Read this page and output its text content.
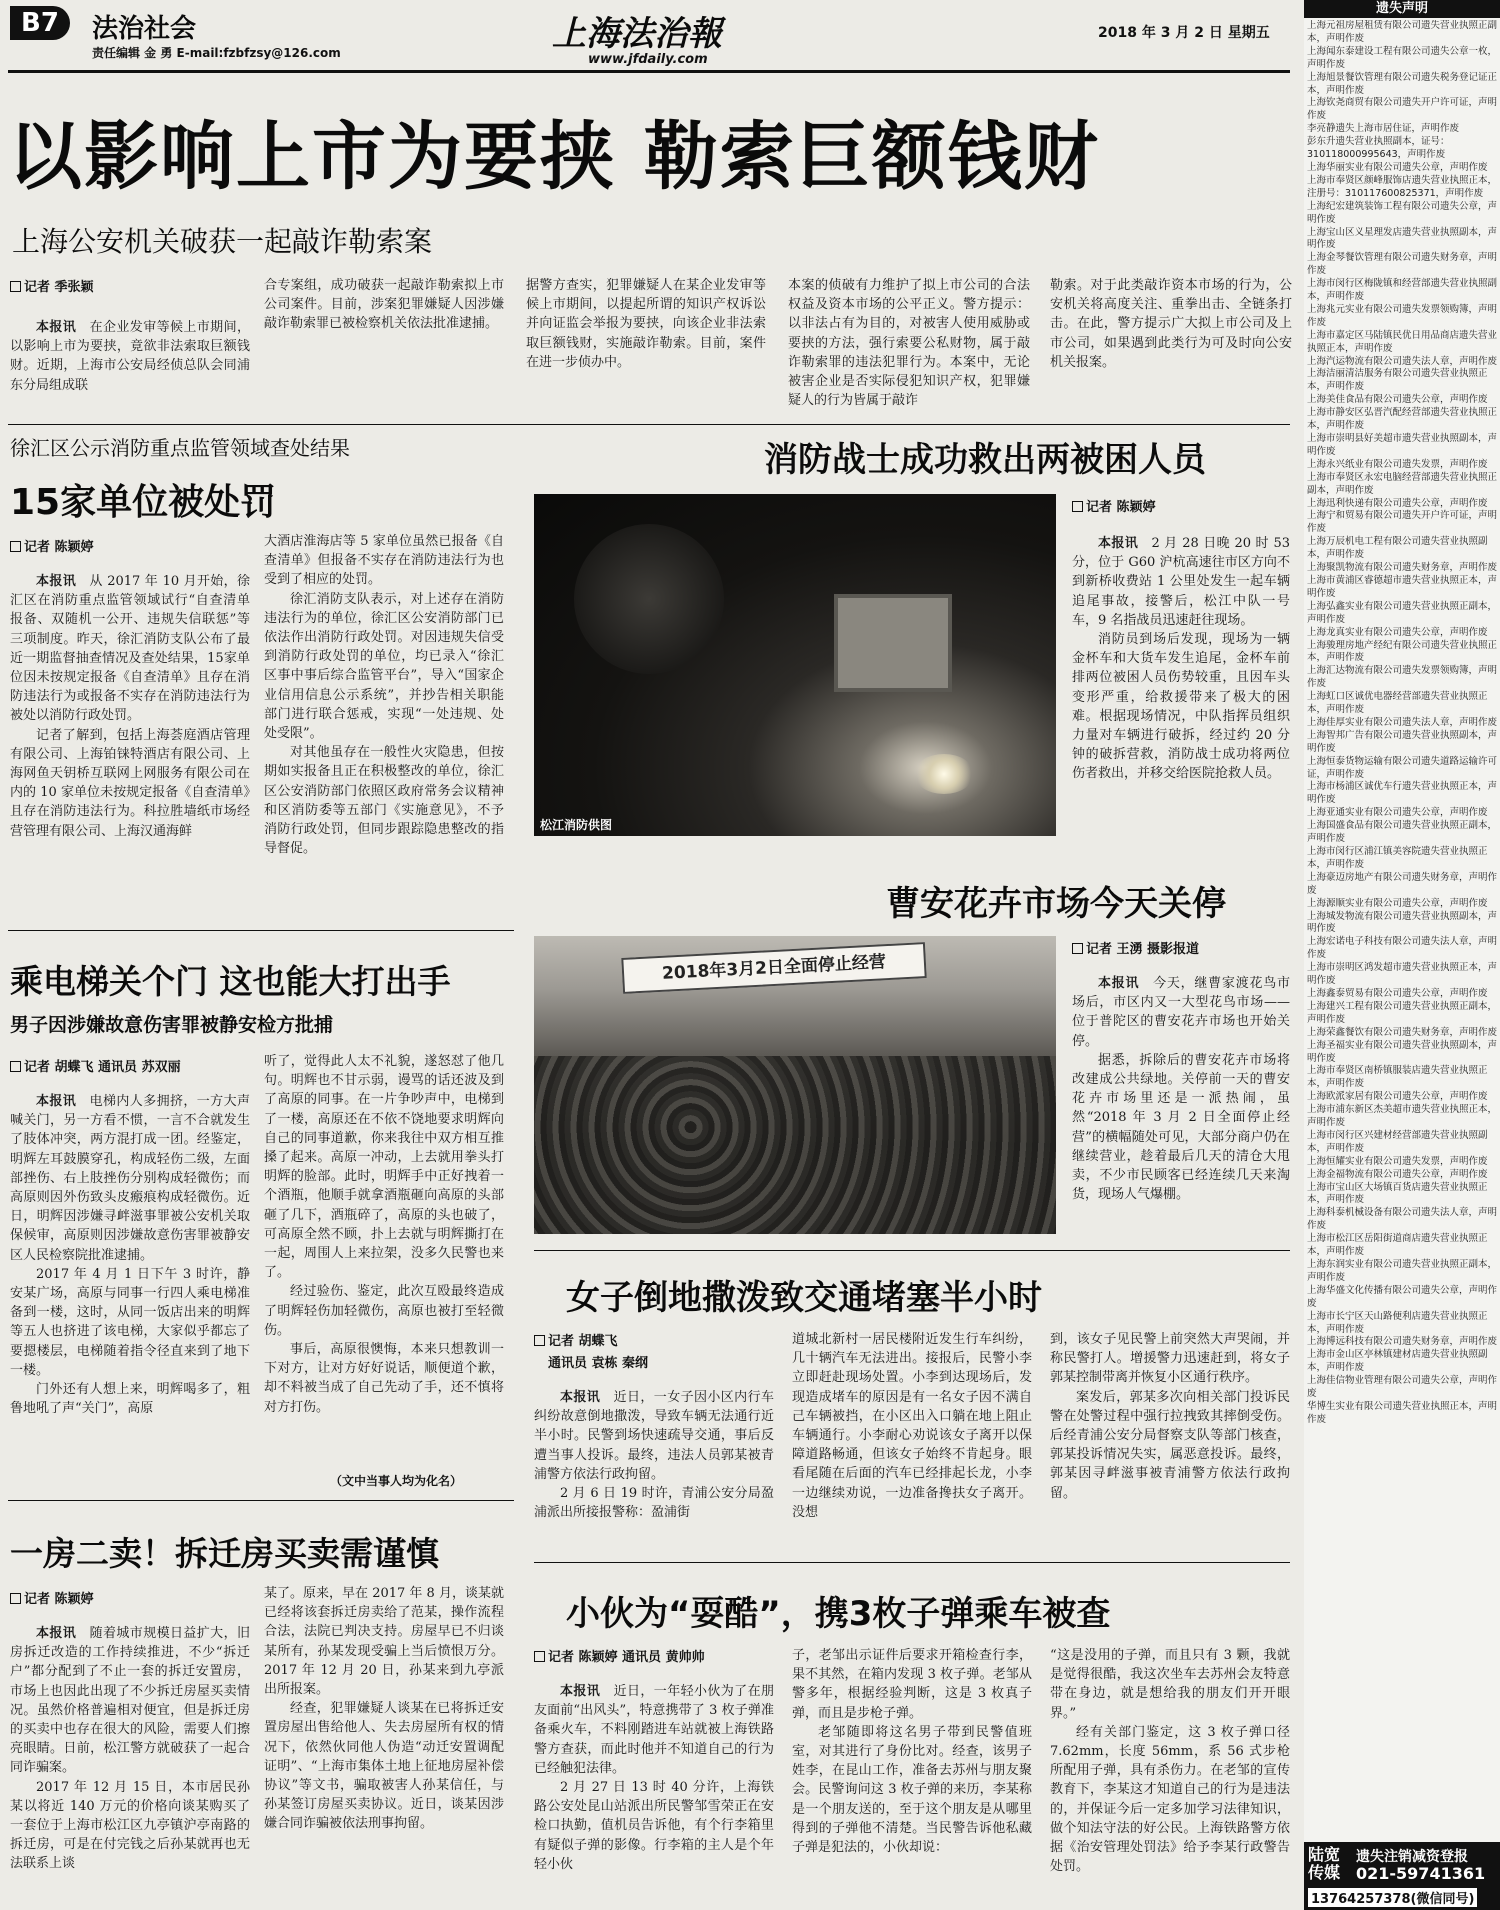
B7	法治社会
责任编辑 金 勇 E-mail:fzbfzsy@126.com	上海法治報
www.jfdaily.com
2018 年 3 月 2 日 星期五
以影响上市为要挟 勒索巨额钱财
上海公安机关破获一起敲诈勒索案
记者 季张颖

本报讯　 在企业发审等候上市期间，以影响上市为要挟，竟欲非法索取巨额钱财。近期，上海市公安局经侦总队会同浦东分局组成联

合专案组，成功破获一起敲诈勒索拟上市公司案件。目前，涉案犯罪嫌疑人因涉嫌敲诈勒索罪已被检察机关依法批准逮捕。

据警方查实，犯罪嫌疑人在某企业发审等候上市期间，以提起所谓的知识产权诉讼并向证监会举报为要挟，向该企业非法索取巨额钱财，实施敲诈勒索。目前，案件在进一步侦办中。

本案的侦破有力维护了拟上市公司的合法权益及资本市场的公平正义。警方提示：以非法占有为目的，对被害人使用威胁或要挟的方法，强行索要公私财物，属于敲诈勒索罪的违法犯罪行为。本案中，无论被害企业是否实际侵犯知识产权，犯罪嫌疑人的行为皆属于敲诈

勒索。对于此类敲诈资本市场的行为，公安机关将高度关注、重拳出击、全链条打击。在此，警方提示广大拟上市公司及上市公司，如果遇到此类行为可及时向公安机关报案。

徐汇区公示消防重点监管领域查处结果
15家单位被处罚
记者 陈颖婷

本报讯　 从 2017 年 10 月开始，徐汇区在消防重点监管领域试行“自查清单报备、双随机一公开、违规失信联惩”等三项制度。昨天，徐汇消防支队公布了最近一期监督抽查情况及查处结果，15家单位因未按规定报备《自查清单》且存在消防违法行为或报备不实存在消防违法行为被处以消防行政处罚。

记者了解到，包括上海荟庭酒店管理有限公司、上海铂铼特酒店有限公司、上海网鱼天钥桥互联网上网服务有限公司在内的 10 家单位未按规定报备《自查清单》且存在消防违法行为。科拉胜墙纸市场经营管理有限公司、上海汉通海鲜

大酒店淮海店等 5 家单位虽然已报备《自查清单》但报备不实存在消防违法行为也受到了相应的处罚。

徐汇消防支队表示，对上述存在消防违法行为的单位，徐汇区公安消防部门已依法作出消防行政处罚。对因违规失信受到消防行政处罚的单位，均已录入“徐汇区事中事后综合监管平台”，导入“国家企业信用信息公示系统”，并抄告相关职能部门进行联合惩戒，实现“一处违规、处处受限”。

对其他虽存在一般性火灾隐患，但按期如实报备且正在积极整改的单位，徐汇区公安消防部门依照区政府常务会议精神和区消防委等五部门《实施意见》，不予消防行政处罚，但同步跟踪隐患整改的指导督促。

消防战士成功救出两被困人员
松江消防供图
记者 陈颖婷

本报讯　 2 月 28 日晚 20 时 53 分，位于 G60 沪杭高速往市区方向不到新桥收费站 1 公里处发生一起车辆追尾事故，接警后，松江中队一号车，9 名指战员迅速赶往现场。

消防员到场后发现，现场为一辆金杯车和大货车发生追尾，金杯车前排两位被困人员伤势较重，且因车头变形严重，给救援带来了极大的困难。根据现场情况，中队指挥员组织力量对车辆进行破拆，经过约 20 分钟的破拆营救，消防战士成功将两位伤者救出，并移交给医院抢救人员。

曹安花卉市场今天关停
2018年3月2日全面停止经营
记者 王湧 摄影报道

本报讯　 今天，继曹家渡花鸟市场后，市区内又一大型花鸟市场——位于普陀区的曹安花卉市场也开始关停。

据悉，拆除后的曹安花卉市场将改建成公共绿地。关停前一天的曹安花卉市场里还是一派热闹，虽然“2018 年 3 月 2 日全面停止经营”的横幅随处可见，大部分商户仍在继续营业，趁着最后几天的清仓大甩卖，不少市民顾客已经连续几天来淘货，现场人气爆棚。

乘电梯关个门 这也能大打出手
男子因涉嫌故意伤害罪被静安检方批捕
记者 胡蝶飞 通讯员 苏双丽

本报讯　 电梯内人多拥挤，一方大声喊关门，另一方看不惯，一言不合就发生了肢体冲突，两方混打成一团。经鉴定，明辉左耳鼓膜穿孔，构成轻伤二级，左面部挫伤、右上肢挫伤分别构成轻微伤；而高原则因外伤致头皮瘢痕构成轻微伤。近日，明辉因涉嫌寻衅滋事罪被公安机关取保候审，高原则因涉嫌故意伤害罪被静安区人民检察院批准逮捕。

2017 年 4 月 1 日下午 3 时许，静安某广场，高原与同事一行四人乘电梯准备到一楼，这时，从同一饭店出来的明辉等五人也挤进了该电梯，大家似乎都忘了要摁楼层，电梯随着指令径直来到了地下一楼。

门外还有人想上来，明辉喝多了，粗鲁地吼了声“关门”，高原

听了，觉得此人太不礼貌，遂怒怼了他几句。明辉也不甘示弱，谩骂的话还波及到了高原的同事。在一片争吵声中，电梯到了一楼，高原还在不依不饶地要求明辉向自己的同事道歉，你来我往中双方相互推搡了起来。高原一冲动，上去就用拳头打明辉的脸部。此时，明辉手中正好拽着一个酒瓶，他顺手就拿酒瓶砸向高原的头部砸了几下，酒瓶碎了，高原的头也破了，可高原全然不顾，扑上去就与明辉撕打在一起，周围人上来拉架，没多久民警也来了。

经过验伤、鉴定，此次互殴最终造成了明辉轻伤加轻微伤，高原也被打至轻微伤。

事后，高原很懊悔，本来只想教训一下对方，让对方好好说话，顺便道个歉，却不料被当成了自己先动了手，还不慎将对方打伤。

（文中当事人均为化名）
女子倒地撒泼致交通堵塞半小时
记者 胡蝶飞
通讯员 袁栋 秦纲

本报讯　 近日，一女子因小区内行车纠纷故意倒地撒泼，导致车辆无法通行近半小时。民警到场快速疏导交通，事后反遭当事人投诉。最终，违法人员郭某被青浦警方依法行政拘留。

2 月 6 日 19 时许，青浦公安分局盈浦派出所接报警称：盈浦街

道城北新村一居民楼附近发生行车纠纷，几十辆汽车无法进出。接报后，民警小李立即赶赴现场处置。小李到达现场后，发现造成堵车的原因是有一名女子因不满自己车辆被挡，在小区出入口躺在地上阻止车辆通行。小李耐心劝说该女子离开以保障道路畅通，但该女子始终不肯起身。眼看尾随在后面的汽车已经排起长龙，小李一边继续劝说，一边准备搀扶女子离开。没想

到，该女子见民警上前突然大声哭闹，并称民警打人。增援警力迅速赶到，将女子郭某控制带离并恢复小区通行秩序。

案发后，郭某多次向相关部门投诉民警在处警过程中强行拉拽致其摔倒受伤。后经青浦公安分局督察支队等部门核查，郭某投诉情况失实，属恶意投诉。最终，郭某因寻衅滋事被青浦警方依法行政拘留。

一房二卖！拆迁房买卖需谨慎
记者 陈颖婷

本报讯　 随着城市规模日益扩大，旧房拆迁改造的工作持续推进，不少“拆迁户”都分配到了不止一套的拆迁安置房，市场上也因此出现了不少拆迁房屋买卖情况。虽然价格普遍相对便宜，但是拆迁房的买卖中也存在很大的风险，需要人们擦亮眼睛。日前，松江警方就破获了一起合同诈骗案。

2017 年 12 月 15 日，本市居民孙某以将近 140 万元的价格向谈某购买了一套位于上海市松江区九亭镇沪亭南路的拆迁房，可是在付完钱之后孙某就再也无法联系上谈

某了。原来，早在 2017 年 8 月，谈某就已经将该套拆迁房卖给了范某，操作流程合法，法院已判决支持。房屋早已不归谈某所有，孙某发现受骗上当后愤恨万分。2017 年 12 月 20 日，孙某来到九亭派出所报案。

经查，犯罪嫌疑人谈某在已将拆迁安置房屋出售给他人、失去房屋所有权的情况下，依然伙同他人伪造“动迁安置调配证明”、“上海市集体土地上征地房屋补偿协议”等文书，骗取被害人孙某信任，与孙某签订房屋买卖协议。近日，谈某因涉嫌合同诈骗被依法刑事拘留。

小伙为“耍酷”，携3枚子弹乘车被查
记者 陈颖婷 通讯员 黄帅帅

本报讯　 近日，一年轻小伙为了在朋友面前“出风头”，特意携带了 3 枚子弹准备乘火车，不料刚踏进车站就被上海铁路警方查获，而此时他并不知道自己的行为已经触犯法律。

2 月 27 日 13 时 40 分许，上海铁路公安处昆山站派出所民警邹雪荣正在安检口执勤，值机员告诉他，有个行李箱里有疑似子弹的影像。行李箱的主人是个年轻小伙

子，老邹出示证件后要求开箱检查行李，果不其然，在箱内发现 3 枚子弹。老邹从警多年，根据经验判断，这是 3 枚真子弹，而且是步枪子弹。

老邹随即将这名男子带到民警值班室，对其进行了身份比对。经查，该男子姓李，在昆山工作，准备去苏州与朋友聚会。民警询问这 3 枚子弹的来历，李某称是一个朋友送的，至于这个朋友是从哪里得到的子弹他不清楚。当民警告诉他私藏子弹是犯法的，小伙却说：

“这是没用的子弹，而且只有 3 颗，我就是觉得很酷，我这次坐车去苏州会友特意带在身边，就是想给我的朋友们开开眼界。”

经有关部门鉴定，这 3 枚子弹口径 7.62mm，长度 56mm，系 56 式步枪所配用子弹，具有杀伤力。在老邹的宣传教育下，李某这才知道自己的行为是违法的，并保证今后一定多加学习法律知识，做个知法守法的好公民。上海铁路警方依据《治安管理处罚法》给予李某行政警告处罚。

遗失声明
上海元祖房屋租赁有限公司遗失营业执照正副本，声明作废
上海闻东泰建设工程有限公司遗失公章一枚，声明作废
上海旭景餐饮管理有限公司遗失税务登记证正本，声明作废
上海钦尧商贸有限公司遗失开户许可证，声明作废
李亮静遗失上海市居住证，声明作废
彭东升遗失营业执照副本，证号：310118000995643，声明作废
上海华丽实业有限公司遗失公章，声明作废
上海市奉贤区颜峰服饰店遗失营业执照正本，注册号：310117600825371，声明作废
上海纪宏建筑装饰工程有限公司遗失公章，声明作废
上海宝山区义星理发店遗失营业执照副本，声明作废
上海金琴餐饮管理有限公司遗失财务章，声明作废
上海市闵行区梅陇镇和经营部遗失营业执照副本，声明作废
上海兆元实业有限公司遗失发票领购簿，声明作废
上海市嘉定区马陆镇民优日用品商店遗失营业执照正本，声明作废
上海汽运物流有限公司遗失法人章，声明作废
上海洁丽清洁服务有限公司遗失营业执照正本，声明作废
上海美佳食品有限公司遗失公章，声明作废
上海市静安区弘晋汽配经营部遗失营业执照正本，声明作废
上海市崇明县好美超市遗失营业执照副本，声明作废
上海永兴纸业有限公司遗失发票，声明作废
上海市奉贤区永宏电脑经营部遗失营业执照正副本，声明作废
上海迅利快递有限公司遗失公章，声明作废
上海宁和贸易有限公司遗失开户许可证，声明作废
上海万辰机电工程有限公司遗失营业执照副本，声明作废
上海聚凯物流有限公司遗失财务章，声明作废
上海市黄浦区睿德超市遗失营业执照正本，声明作废
上海弘鑫实业有限公司遗失营业执照正副本，声明作废
上海龙真实业有限公司遗失公章，声明作废
上海骏理房地产经纪有限公司遗失营业执照正本，声明作废
上海汇达物流有限公司遗失发票领购簿，声明作废
上海虹口区诚优电器经营部遗失营业执照正本，声明作废
上海佳厚实业有限公司遗失法人章，声明作废
上海智邦广告有限公司遗失营业执照副本，声明作废
上海恒泰货物运输有限公司遗失道路运输许可证，声明作废
上海市杨浦区诚优车行遗失营业执照正本，声明作废
上海亚通实业有限公司遗失公章，声明作废
上海国盛食品有限公司遗失营业执照正副本，声明作废
上海市闵行区浦江镇美容院遗失营业执照正本，声明作废
上海豪迈房地产有限公司遗失财务章，声明作废
上海源顺实业有限公司遗失公章，声明作废
上海城发物流有限公司遗失营业执照副本，声明作废
上海宏诺电子科技有限公司遗失法人章，声明作废
上海市崇明区鸿发超市遗失营业执照正本，声明作废
上海鑫泰贸易有限公司遗失公章，声明作废
上海建兴工程有限公司遗失营业执照正副本，声明作废
上海荣鑫餐饮有限公司遗失财务章，声明作废
上海圣福实业有限公司遗失营业执照副本，声明作废
上海市奉贤区南桥镇服装店遗失营业执照正本，声明作废
上海欧派家居有限公司遗失公章，声明作废
上海市浦东新区杰美超市遗失营业执照正本，声明作废
上海市闵行区兴建材经营部遗失营业执照副本，声明作废
上海恒耀实业有限公司遗失发票，声明作废
上海金福物流有限公司遗失公章，声明作废
上海市宝山区大场镇百货店遗失营业执照正本，声明作废
上海科泰机械设备有限公司遗失法人章，声明作废
上海市松江区岳阳街道商店遗失营业执照正本，声明作废
上海东润实业有限公司遗失营业执照正副本，声明作废
上海华盛文化传播有限公司遗失公章，声明作废
上海市长宁区天山路便利店遗失营业执照正本，声明作废
上海博远科技有限公司遗失财务章，声明作废
上海市金山区亭林镇建材店遗失营业执照副本，声明作废
上海佳信物业管理有限公司遗失公章，声明作废
华博生实业有限公司遗失营业执照正本，声明作废
陆宽
传媒
遗失注销减资登报
021-59741361
13764257378(微信同号)
